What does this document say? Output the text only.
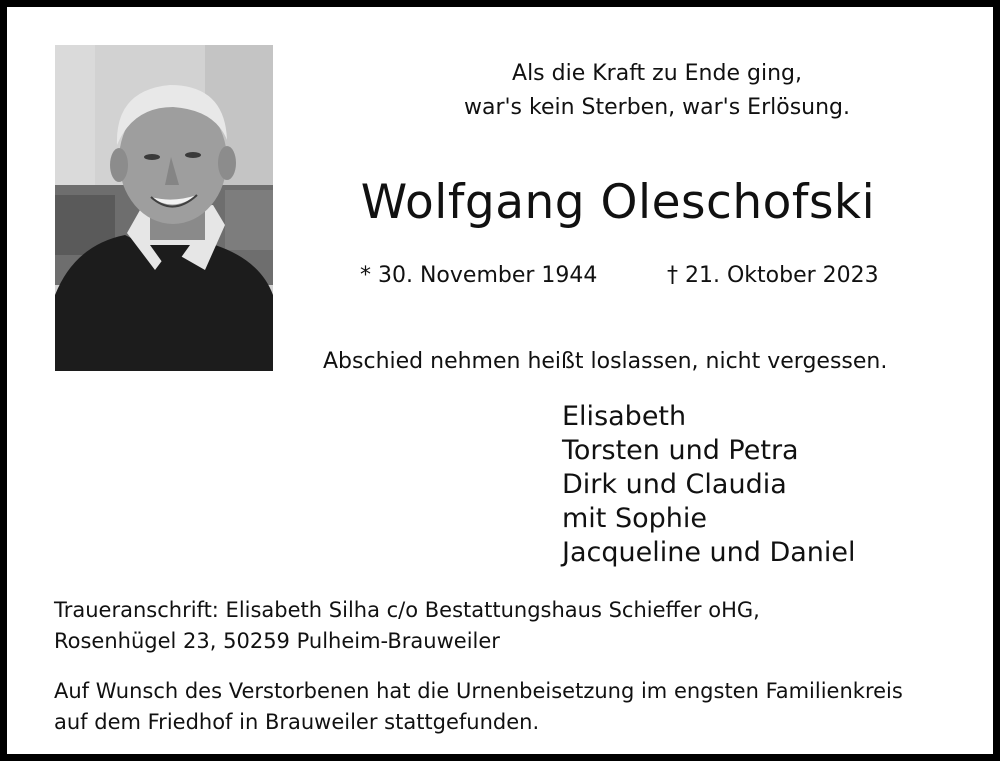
Als die Kraft zu Ende ging,
war's kein Sterben, war's Erlösung.
Wolfgang Oleschofski
* 30. November 1944	† 21. Oktober 2023
Abschied nehmen heißt loslassen, nicht vergessen.
Elisabeth
Torsten und Petra
Dirk und Claudia
mit Sophie
Jacqueline und Daniel
Traueranschrift: Elisabeth Silha c/o Bestattungshaus Schieffer oHG,
Rosenhügel 23, 50259 Pulheim-Brauweiler
Auf Wunsch des Verstorbenen hat die Urnenbeisetzung im engsten Familienkreis
auf dem Friedhof in Brauweiler stattgefunden.
